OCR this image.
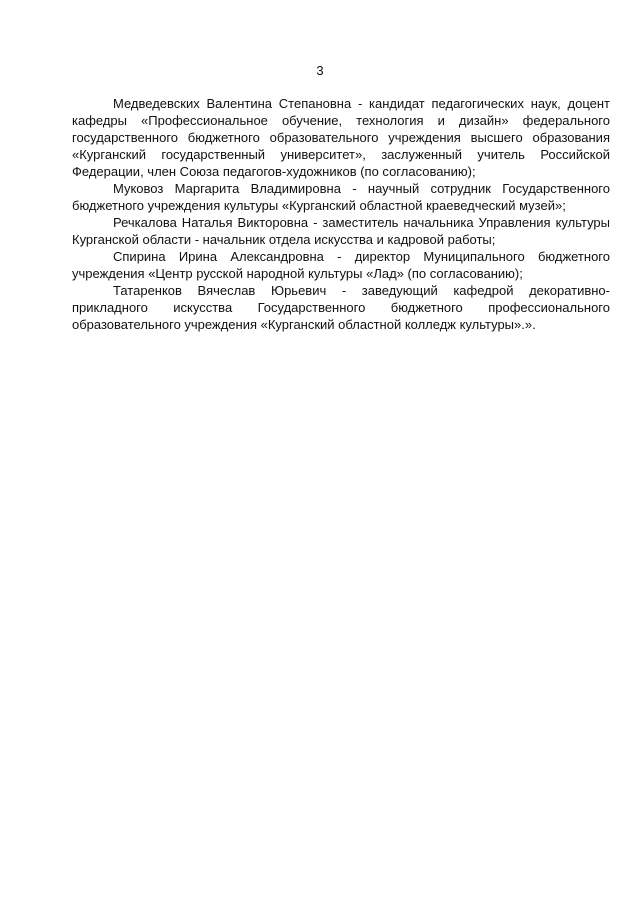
3

Медведевских Валентина Степановна - кандидат педагогических наук, доцент кафедры «Профессиональное обучение, технология и дизайн» федерального государственного бюджетного образовательного учреждения высшего образования «Курганский государственный университет», заслуженный учитель Российской Федерации, член Союза педагогов-художников (по согласованию);

Муковоз Маргарита Владимировна - научный сотрудник Государственного бюджетного учреждения культуры «Курганский областной краеведческий музей»;

Речкалова Наталья Викторовна - заместитель начальника Управления культуры Курганской области - начальник отдела искусства и кадровой работы;

Спирина Ирина Александровна - директор Муниципального бюджетного учреждения «Центр русской народной культуры «Лад» (по согласованию);

Татаренков Вячеслав Юрьевич - заведующий кафедрой декоративно-прикладного искусства Государственного бюджетного профессионального образовательного учреждения «Курганский областной колледж культуры».».
